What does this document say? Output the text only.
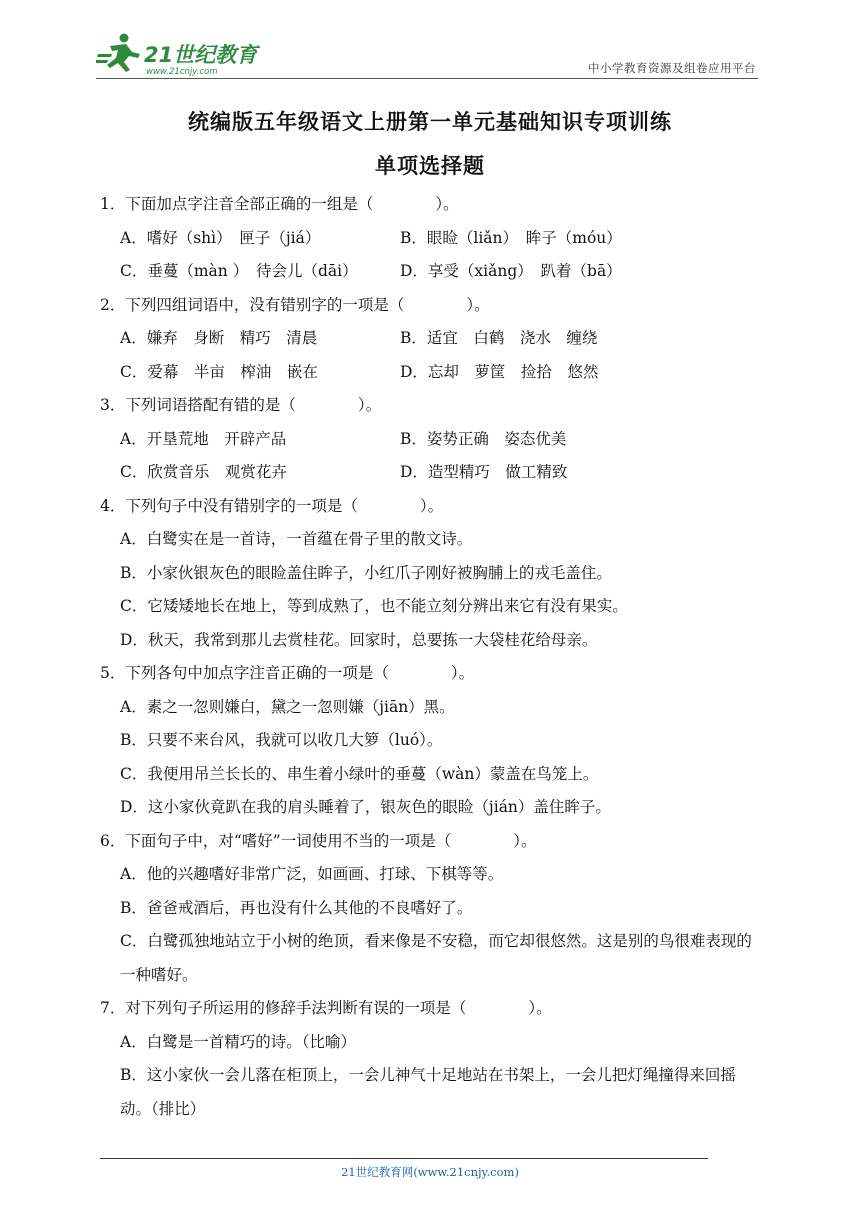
21世纪教育
www.21cnjy.com	中小学教育资源及组卷应用平台
统编版五年级语文上册第一单元基础知识专项训练
单项选择题
1．下面加点字注音全部正确的一组是（　　　　）。
A．嗜好（shì）　匣子（jiá）	B．眼睑（liǎn）　眸子（móu）
C．垂蔓（màn ）　待会儿（dāi）	D．享受（xiǎng）　趴着（bā）
2．下列四组词语中，没有错别字的一项是（　　　　）。
A．嫌弃　身断　精巧　清晨	B．适宜　白鹤　浇水　缠绕
C．爱幕　半亩　榨油　嵌在	D．忘却　萝筐　捡拾　悠然
3．下列词语搭配有错的是（　　　　）。
A．开垦荒地　开辟产品	B．姿势正确　姿态优美
C．欣赏音乐　观赏花卉	D．造型精巧　做工精致
4．下列句子中没有错别字的一项是（　　　　）。
A．白鹭实在是一首诗，一首蕴在骨子里的散文诗。
B．小家伙银灰色的眼睑盖住眸子，小红爪子刚好被胸脯上的戎毛盖住。
C．它矮矮地长在地上，等到成熟了，也不能立刻分辨出来它有没有果实。
D．秋天，我常到那儿去赏桂花。回家时，总要拣一大袋桂花给母亲。
5．下列各句中加点字注音正确的一项是（　　　　）。
A．素之一忽则嫌白，黛之一忽则嫌（jiān）黑。
B．只要不来台风，我就可以收几大箩（luó）。
C．我便用吊兰长长的、串生着小绿叶的垂蔓（wàn）蒙盖在鸟笼上。
D．这小家伙竟趴在我的肩头睡着了，银灰色的眼睑（jián）盖住眸子。
6．下面句子中，对“嗜好”一词使用不当的一项是（　　　　）。
A．他的兴趣嗜好非常广泛，如画画、打球、下棋等等。
B．爸爸戒酒后，再也没有什么其他的不良嗜好了。
C．白鹭孤独地站立于小树的绝顶，看来像是不安稳，而它却很悠然。这是别的鸟很难表现的一种嗜好。
7．对下列句子所运用的修辞手法判断有误的一项是（　　　　）。
A．白鹭是一首精巧的诗。（比喻）
B．这小家伙一会儿落在柜顶上，一会儿神气十足地站在书架上，一会儿把灯绳撞得来回摇动。（排比）
21世纪教育网(www.21cnjy.com)
